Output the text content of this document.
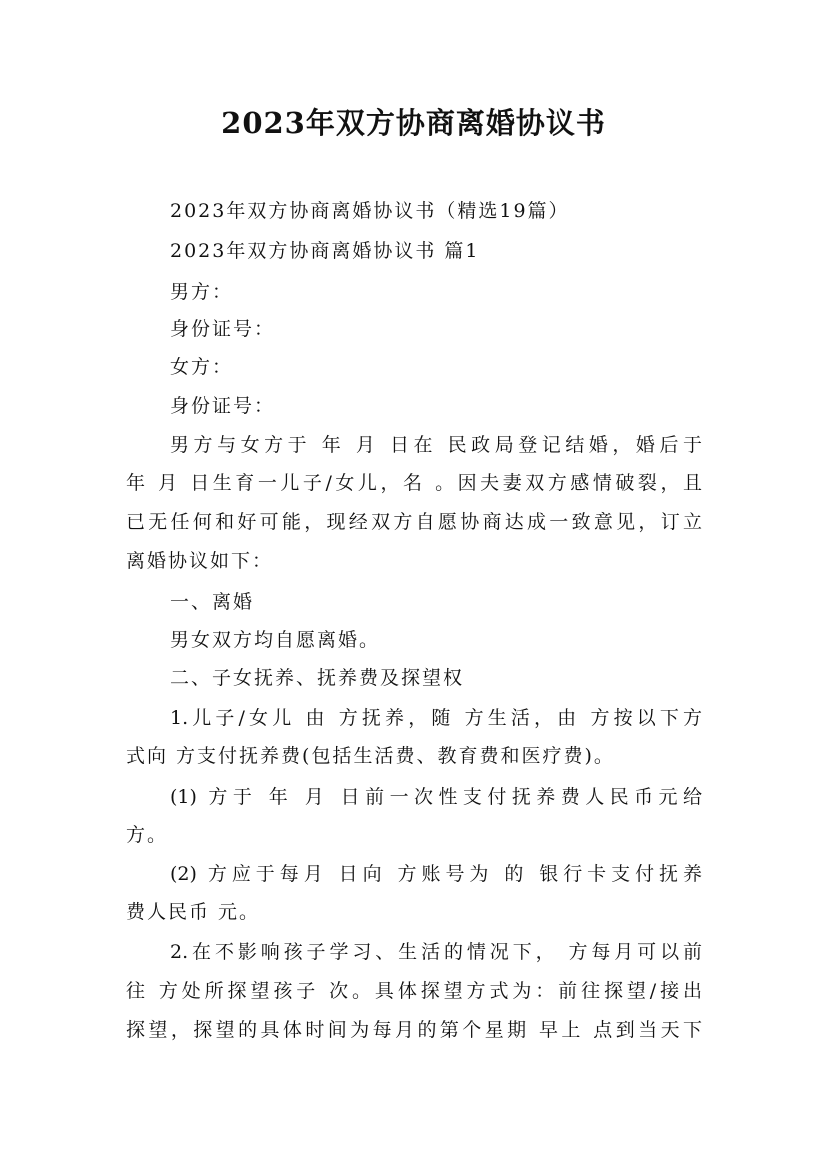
2023年双方协商离婚协议书
2023年双方协商离婚协议书（精选19篇）
2023年双方协商离婚协议书 篇1
男方：
身份证号：
女方：
身份证号：
男方与女方于 年 月 日在 民政局登记结婚，婚后于
年 月 日生育一儿子/女儿，名 。因夫妻双方感情破裂，且
已无任何和好可能，现经双方自愿协商达成一致意见，订立
离婚协议如下：
一、离婚
男女双方均自愿离婚。
二、子女抚养、抚养费及探望权
1.儿子/女儿 由 方抚养，随 方生活，由 方按以下方
式向 方支付抚养费(包括生活费、教育费和医疗费)。
(1) 方于 年 月 日前一次性支付抚养费人民币元给
方。
(2) 方应于每月 日向 方账号为 的 银行卡支付抚养
费人民币 元。
2.在不影响孩子学习、生活的情况下， 方每月可以前
往 方处所探望孩子 次。具体探望方式为：前往探望/接出
探望，探望的具体时间为每月的第个星期 早上 点到当天下
